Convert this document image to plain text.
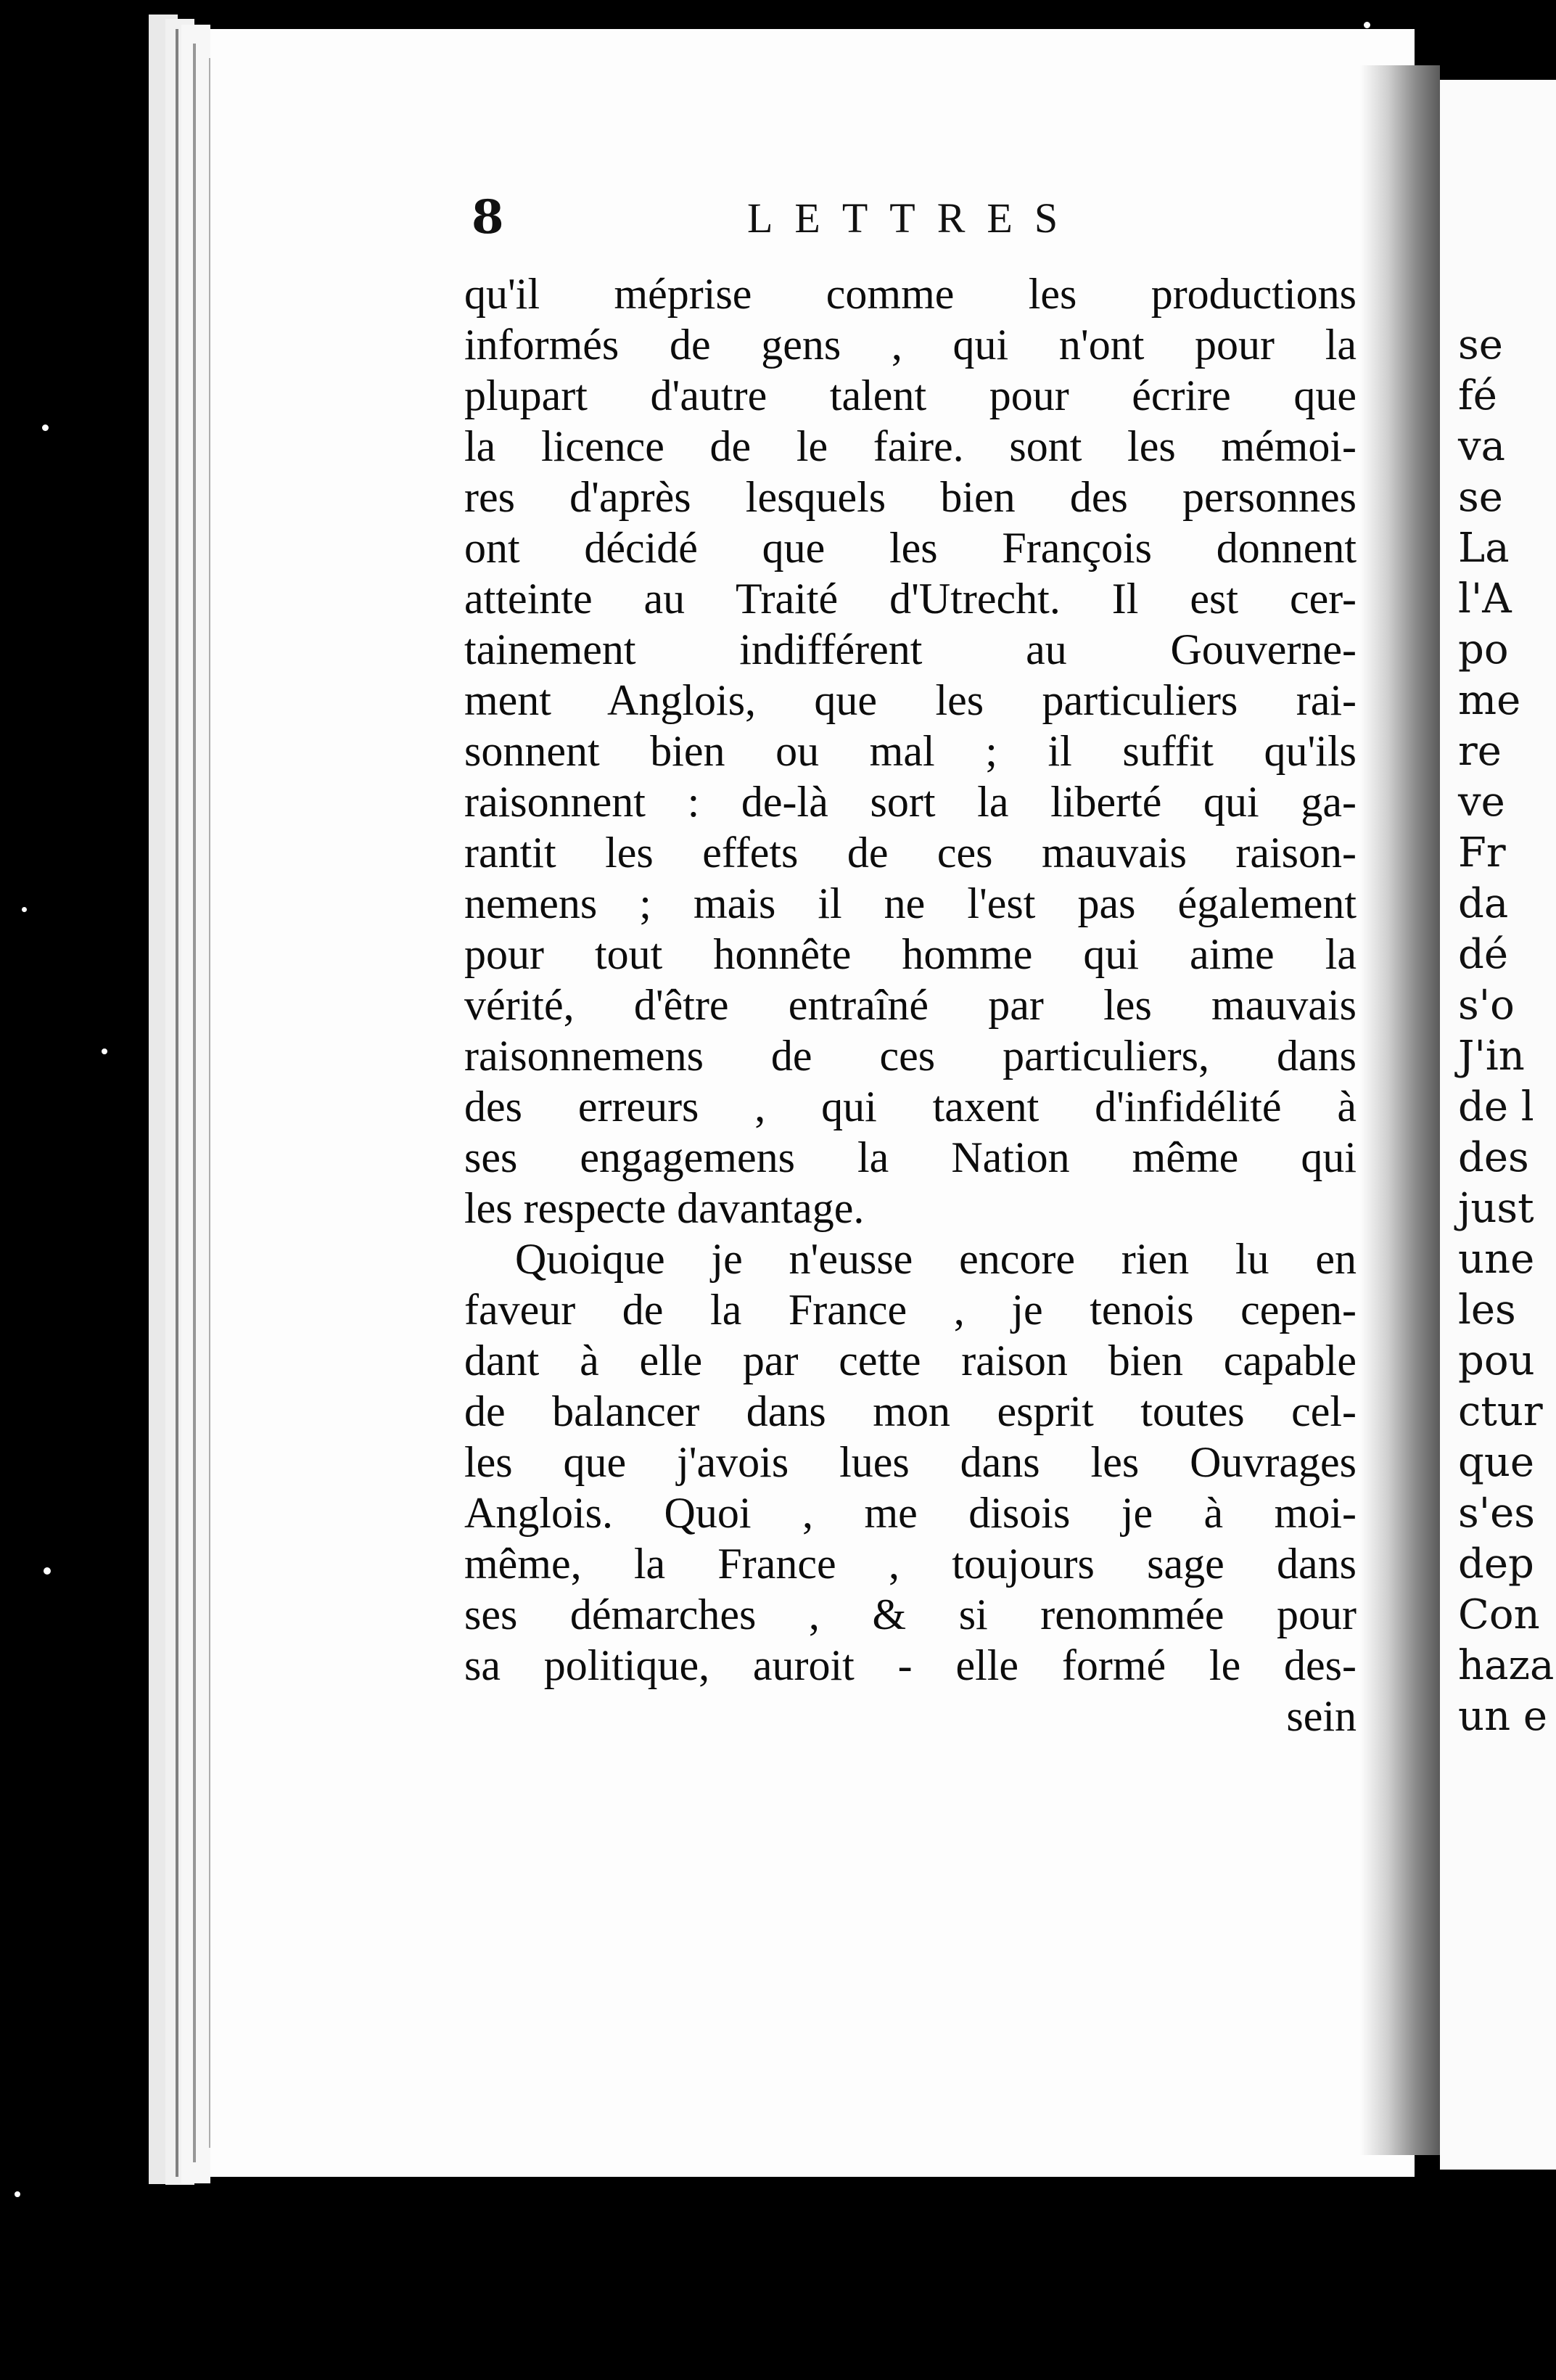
se
fé
va
se
La
l'A
po
me
re
ve
Fr
da
dé
s'o
J'in
de l
des
just
une
les
pou
ctur
que
s'es
dep
Con
haza
un e
8	LETTRES
qu'il méprise comme les productions
informés de gens , qui n'ont pour la
plupart d'autre talent pour écrire que
la licence de le faire. sont les mémoi-
res d'après lesquels bien des personnes
ont décidé que les François donnent
atteinte au Traité d'Utrecht. Il est cer-
tainement indifférent au Gouverne-
ment Anglois, que les particuliers rai-
sonnent bien ou mal ; il suffit qu'ils
raisonnent : de-là sort la liberté qui ga-
rantit les effets de ces mauvais raison-
nemens ; mais il ne l'est pas également
pour tout honnête homme qui aime la
vérité, d'être entraîné par les mauvais
raisonnemens de ces particuliers, dans
des erreurs , qui taxent d'infidélité à
ses engagemens la Nation même qui
les respecte davantage.
Quoique je n'eusse encore rien lu en
faveur de la France , je tenois cepen-
dant à elle par cette raison bien capable
de balancer dans mon esprit toutes cel-
les que j'avois lues dans les Ouvrages
Anglois. Quoi , me disois je à moi-
même, la France , toujours sage dans
ses démarches , & si renommée pour
sa politique, auroit - elle formé le des-
sein
